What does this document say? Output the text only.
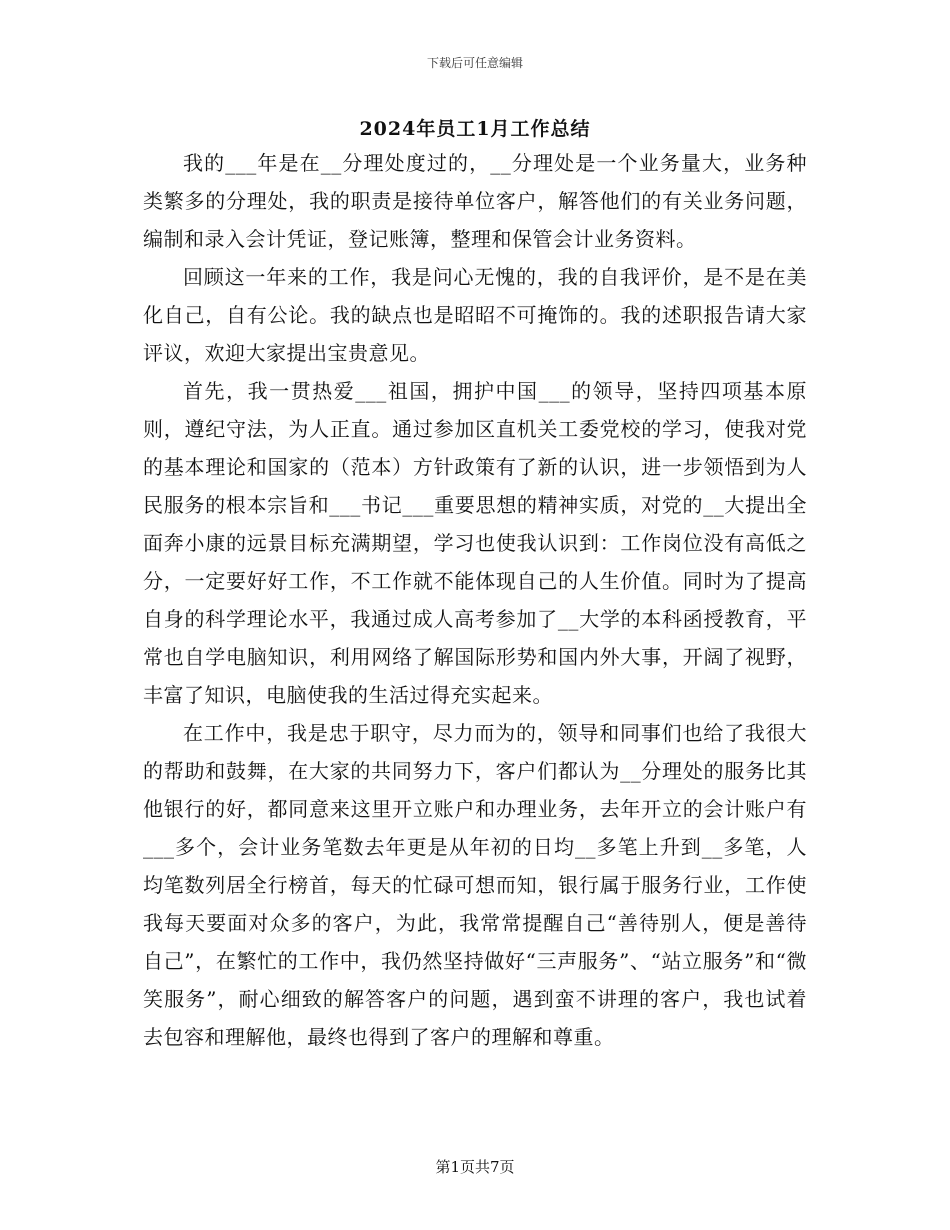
下载后可任意编辑
2024年员工1月工作总结

我的___年是在__分理处度过的，__分理处是一个业务量大，业务种类繁多的分理处，我的职责是接待单位客户，解答他们的有关业务问题，编制和录入会计凭证，登记账簿，整理和保管会计业务资料。

回顾这一年来的工作，我是问心无愧的，我的自我评价，是不是在美化自己，自有公论。我的缺点也是昭昭不可掩饰的。我的述职报告请大家评议，欢迎大家提出宝贵意见。

首先，我一贯热爱___祖国，拥护中国___的领导，坚持四项基本原则，遵纪守法，为人正直。通过参加区直机关工委党校的学习，使我对党的基本理论和国家的（范本）方针政策有了新的认识，进一步领悟到为人民服务的根本宗旨和___书记___重要思想的精神实质，对党的__大提出全面奔小康的远景目标充满期望，学习也使我认识到：工作岗位没有高低之分，一定要好好工作，不工作就不能体现自己的人生价值。同时为了提高自身的科学理论水平，我通过成人高考参加了__大学的本科函授教育，平常也自学电脑知识，利用网络了解国际形势和国内外大事，开阔了视野，丰富了知识，电脑使我的生活过得充实起来。

在工作中，我是忠于职守，尽力而为的，领导和同事们也给了我很大的帮助和鼓舞，在大家的共同努力下，客户们都认为__分理处的服务比其他银行的好，都同意来这里开立账户和办理业务，去年开立的会计账户有___多个，会计业务笔数去年更是从年初的日均__多笔上升到__多笔，人均笔数列居全行榜首，每天的忙碌可想而知，银行属于服务行业，工作使我每天要面对众多的客户，为此，我常常提醒自己“善待别人，便是善待自己”，在繁忙的工作中，我仍然坚持做好“三声服务”、“站立服务”和“微笑服务”，耐心细致的解答客户的问题，遇到蛮不讲理的客户，我也试着去包容和理解他，最终也得到了客户的理解和尊重。

第1页共7页
